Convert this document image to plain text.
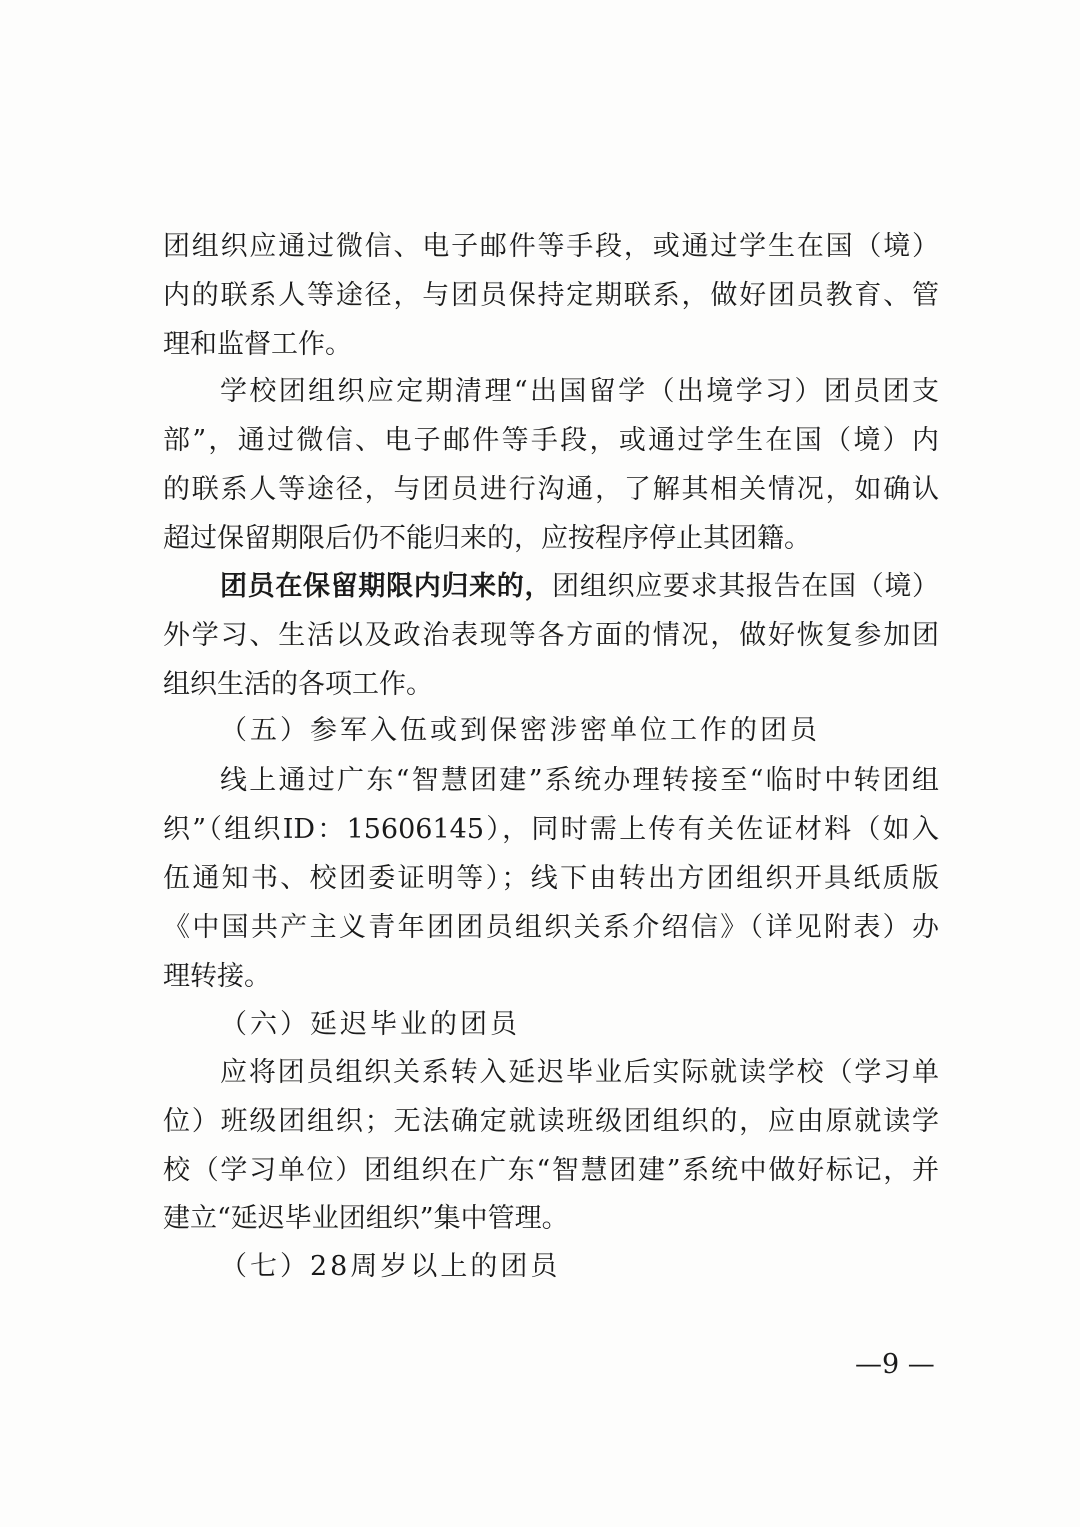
团组织应通过微信、电子邮件等手段，或通过学生在国（境）
内的联系人等途径，与团员保持定期联系，做好团员教育、管
理和监督工作。
学校团组织应定期清理“出国留学（出境学习）团员团支
部”，通过微信、电子邮件等手段，或通过学生在国（境）内
的联系人等途径，与团员进行沟通，了解其相关情况，如确认
超过保留期限后仍不能归来的，应按程序停止其团籍。
团员在保留期限内归来的，团组织应要求其报告在国（境）
外学习、生活以及政治表现等各方面的情况，做好恢复参加团
组织生活的各项工作。
（五）参军入伍或到保密涉密单位工作的团员
线上通过广东“智慧团建”系统办理转接至“临时中转团组
织”（组织ID：15606145），同时需上传有关佐证材料（如入
伍通知书、校团委证明等）；线下由转出方团组织开具纸质版
《中国共产主义青年团团员组织关系介绍信》（详见附表）办
理转接。
（六）延迟毕业的团员
应将团员组织关系转入延迟毕业后实际就读学校（学习单
位）班级团组织；无法确定就读班级团组织的，应由原就读学
校（学习单位）团组织在广东“智慧团建”系统中做好标记，并
建立“延迟毕业团组织”集中管理。
（七）28周岁以上的团员
—9 —
